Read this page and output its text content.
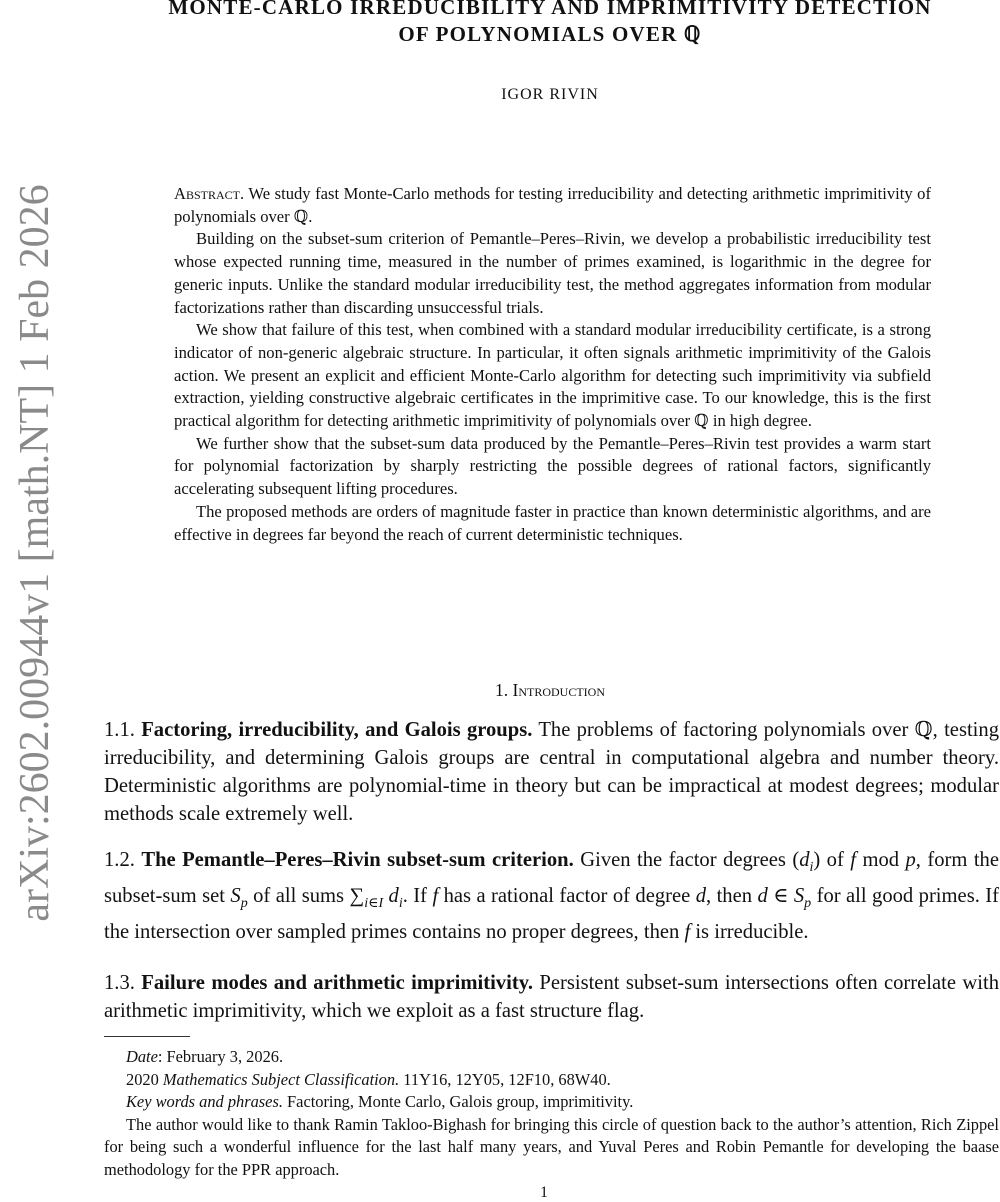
arXiv:2602.00944v1 [math.NT] 1 Feb 2026
MONTE-CARLO IRREDUCIBILITY AND IMPRIMITIVITY DETECTION
OF POLYNOMIALS OVER ℚ
IGOR RIVIN

Abstract. We study fast Monte-Carlo methods for testing irreducibility and detecting arithmetic imprimitivity of polynomials over ℚ.

Building on the subset-sum criterion of Pemantle–Peres–Rivin, we develop a probabilistic irreducibility test whose expected running time, measured in the number of primes examined, is logarithmic in the degree for generic inputs. Unlike the standard modular irreducibility test, the method aggregates information from modular factorizations rather than discarding unsuccessful trials.

We show that failure of this test, when combined with a standard modular irreducibility certificate, is a strong indicator of non-generic algebraic structure. In particular, it often signals arithmetic imprimitivity of the Galois action. We present an explicit and efficient Monte-Carlo algorithm for detecting such imprimitivity via subfield extraction, yielding constructive algebraic certificates in the imprimitive case. To our knowledge, this is the first practical algorithm for detecting arithmetic imprimitivity of polynomials over ℚ in high degree.

We further show that the subset-sum data produced by the Pemantle–Peres–Rivin test provides a warm start for polynomial factorization by sharply restricting the possible degrees of rational factors, significantly accelerating subsequent lifting procedures.

The proposed methods are orders of magnitude faster in practice than known deterministic algorithms, and are effective in degrees far beyond the reach of current deterministic techniques.

1. Introduction
1.1. Factoring, irreducibility, and Galois groups. The problems of factoring polynomials over ℚ, testing irreducibility, and determining Galois groups are central in computational algebra and number theory. Deterministic algorithms are polynomial-time in theory but can be impractical at modest degrees; modular methods scale extremely well.
1.2. The Pemantle–Peres–Rivin subset-sum criterion. Given the factor degrees $(d_i)$ of f mod p, form the subset-sum set $S_p$ of all sums $\sum_{i\in I}$ $d_i$. If f has a rational factor of degree d, then d ∈ $S_p$ for all good primes. If the intersection over sampled primes contains no proper degrees, then f is irreducible.
1.3. Failure modes and arithmetic imprimitivity. Persistent subset-sum intersections often correlate with arithmetic imprimitivity, which we exploit as a fast structure flag.

Date: February 3, 2026.

2020 Mathematics Subject Classification. 11Y16, 12Y05, 12F10, 68W40.

Key words and phrases. Factoring, Monte Carlo, Galois group, imprimitivity.

The author would like to thank Ramin Takloo-Bighash for bringing this circle of question back to the author’s attention, Rich Zippel for being such a wonderful influence for the last half many years, and Yuval Peres and Robin Pemantle for developing the baase methodology for the PPR approach.

1
